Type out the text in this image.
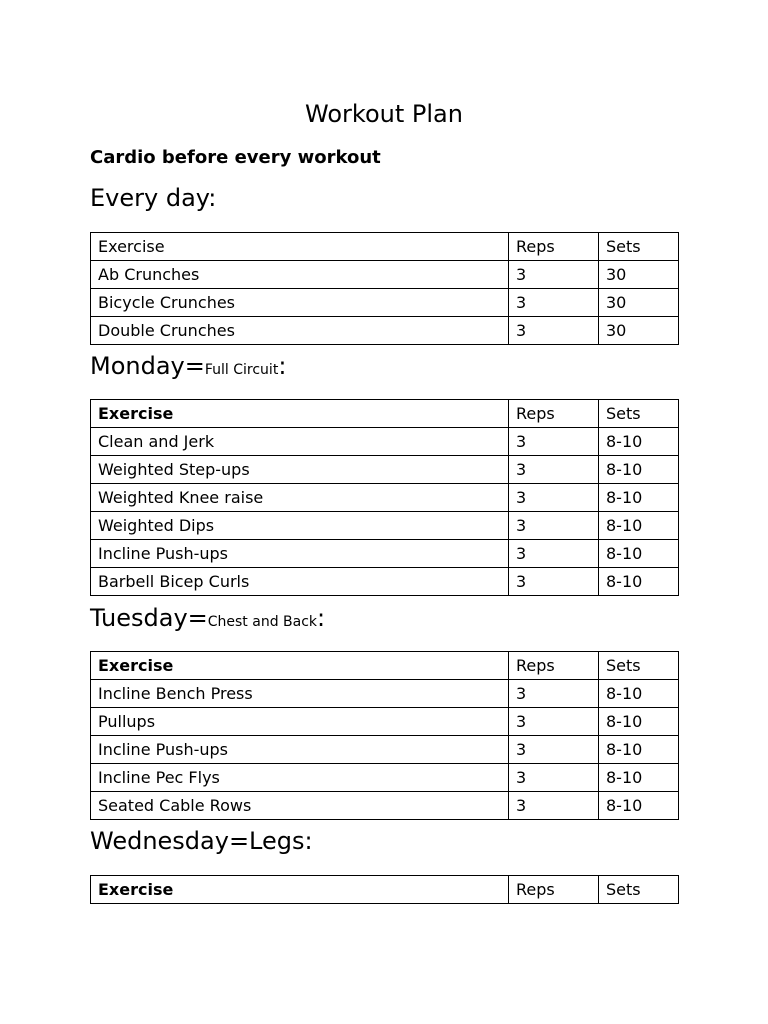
Workout Plan
Cardio before every workout
Every day:
Exercise	Reps	Sets
Ab Crunches	3	30
Bicycle Crunches	3	30
Double Crunches	3	30
Monday=Full Circuit:
Exercise	Reps	Sets
Clean and Jerk	3	8-10
Weighted Step-ups	3	8-10
Weighted Knee raise	3	8-10
Weighted Dips	3	8-10
Incline Push-ups	3	8-10
Barbell Bicep Curls	3	8-10
Tuesday=Chest and Back:
Exercise	Reps	Sets
Incline Bench Press	3	8-10
Pullups	3	8-10
Incline Push-ups	3	8-10
Incline Pec Flys	3	8-10
Seated Cable Rows	3	8-10
Wednesday=Legs:
Exercise	Reps	Sets
